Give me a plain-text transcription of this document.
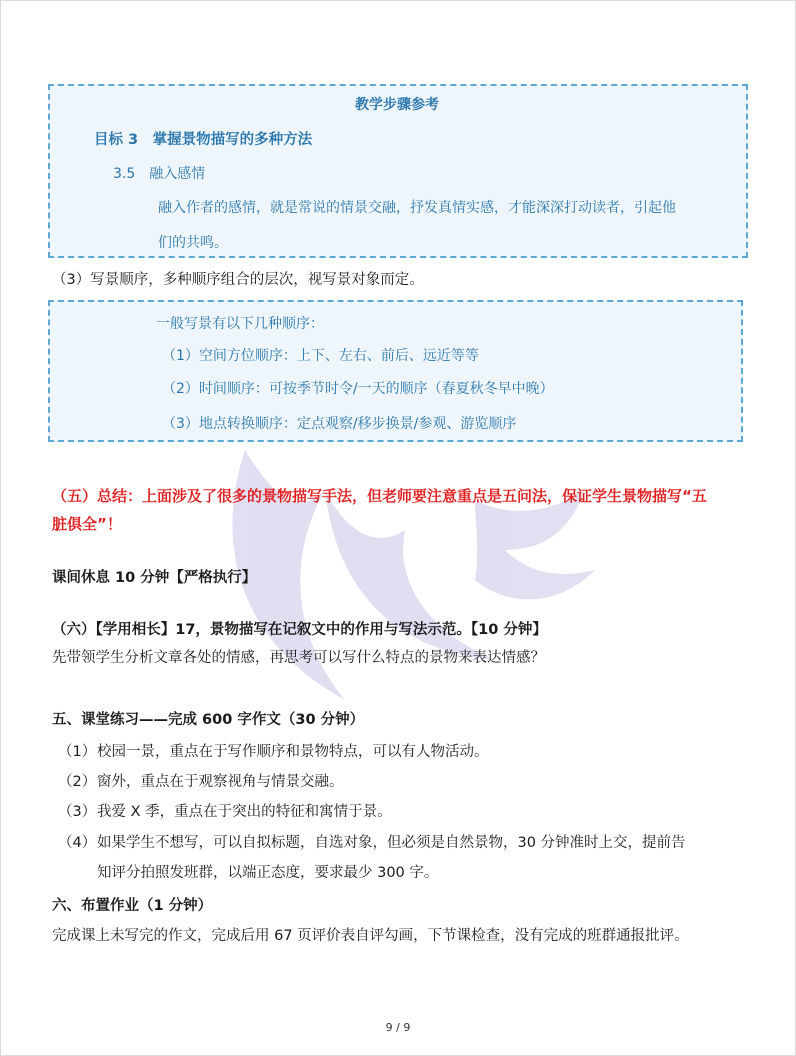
教学步骤参考
目标 3　掌握景物描写的多种方法
3.5　融入感情
融入作者的感情，就是常说的情景交融，抒发真情实感，才能深深打动读者，引起他
们的共鸣。
（3）写景顺序，多种顺序组合的层次，视写景对象而定。
一般写景有以下几种顺序：
（1）空间方位顺序：上下、左右、前后、远近等等
（2）时间顺序：可按季节时令/一天的顺序（春夏秋冬早中晚）
（3）地点转换顺序：定点观察/移步换景/参观、游览顺序
（五）总结：上面涉及了很多的景物描写手法，但老师要注意重点是五问法，保证学生景物描写“五
脏俱全”！
课间休息 10 分钟【严格执行】
（六）【学用相长】17，景物描写在记叙文中的作用与写法示范。【10 分钟】
先带领学生分析文章各处的情感，再思考可以写什么特点的景物来表达情感？
五、课堂练习——完成 600 字作文（30 分钟）
（1） 校园一景，重点在于写作顺序和景物特点，可以有人物活动。
（2） 窗外，重点在于观察视角与情景交融。
（3） 我爱 X 季，重点在于突出的特征和寓情于景。
（4） 如果学生不想写，可以自拟标题，自选对象，但必须是自然景物，30 分钟准时上交，提前告
知评分拍照发班群，以端正态度，要求最少 300 字。
六、布置作业（1 分钟）
完成课上未写完的作文，完成后用 67 页评价表自评勾画，下节课检查，没有完成的班群通报批评。
9 / 9
